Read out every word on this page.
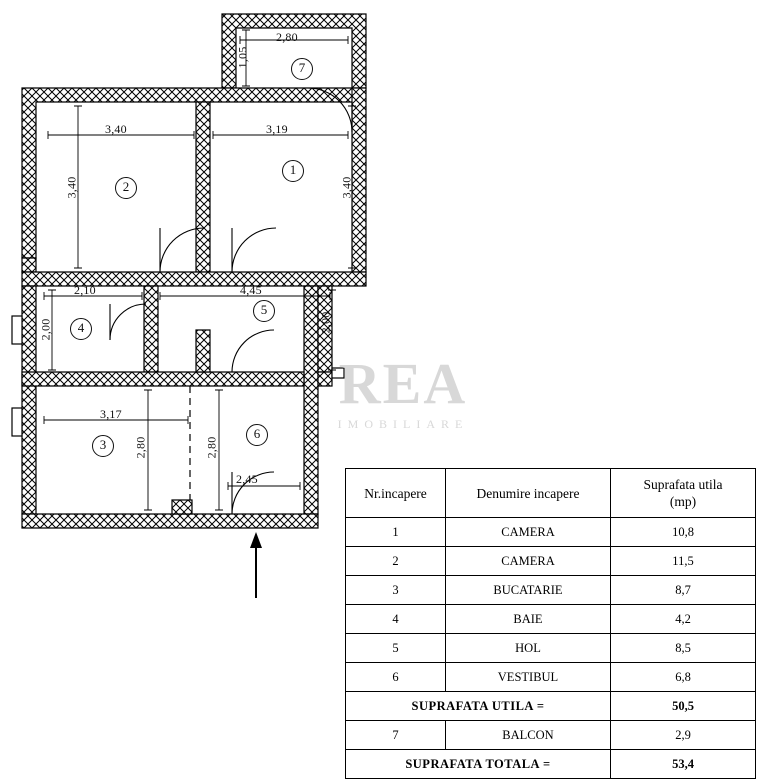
2,80
1,05
3,40	3,19
3,40	3,40
2,10	4,45
2,00	2,00
3,17
2,80	2,80
2,45
1
2
3
4
5
6
7
REA
IMOBILIARE
Nr.incapere	Denumire incapere	Suprafata utila
(mp)

1	CAMERA	10,8
2	CAMERA	11,5
3	BUCATARIE	8,7
4	BAIE	4,2
5	HOL	8,5
6	VESTIBUL	6,8
SUPRAFATA UTILA =		50,5
7	BALCON	2,9
SUPRAFATA TOTALA =		53,4
